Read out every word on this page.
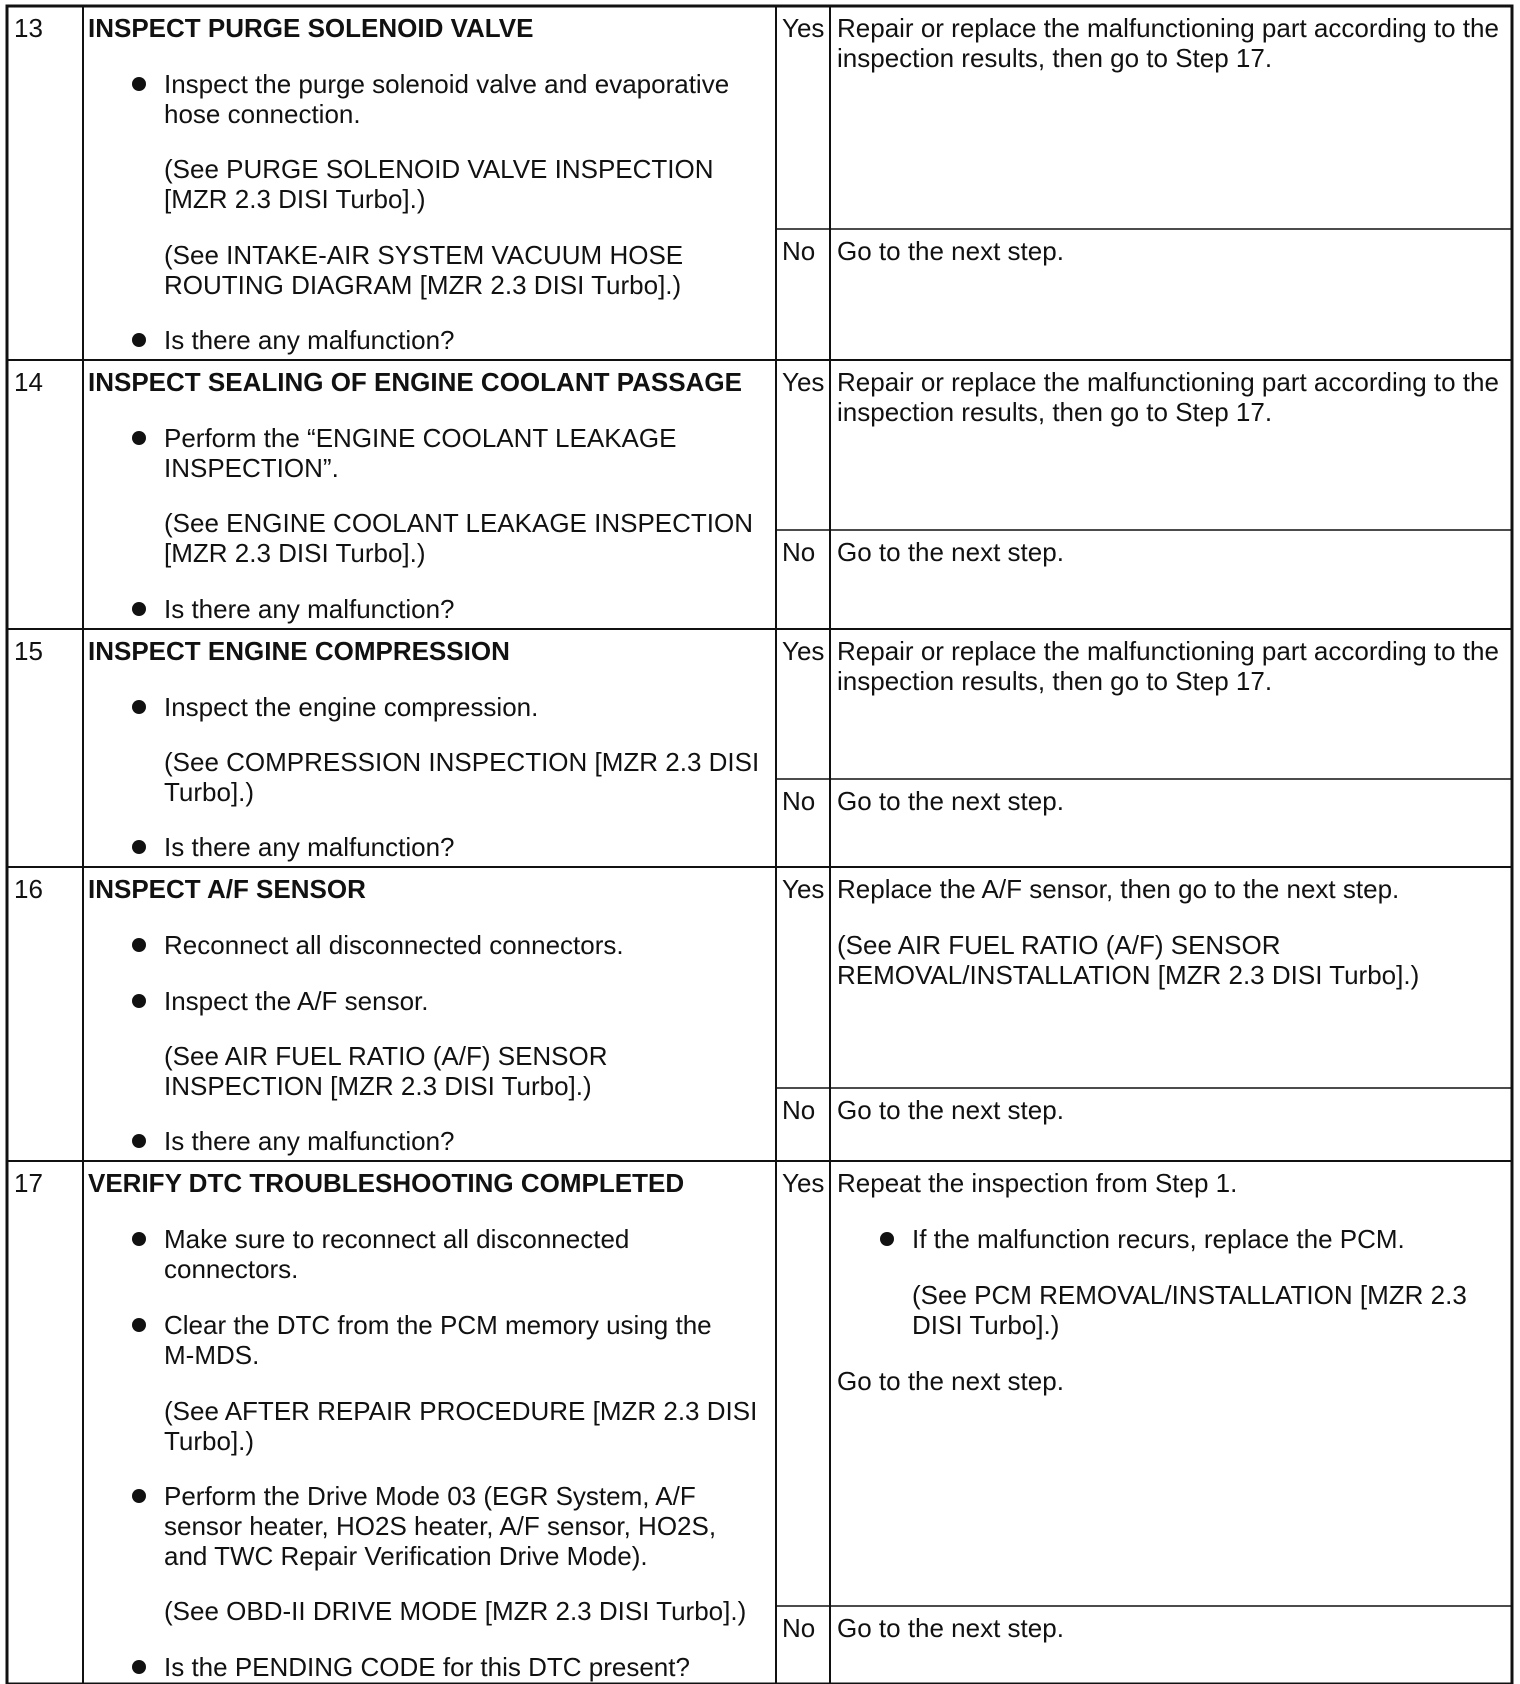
13 INSPECT PURGE SOLENOID VALVE
Inspect the purge solenoid valve and evaporative
hose connection.
(See PURGE SOLENOID VALVE INSPECTION
[MZR 2.3 DISI Turbo].)
(See INTAKE-AIR SYSTEM VACUUM HOSE
ROUTING DIAGRAM [MZR 2.3 DISI Turbo].)
Is there any malfunction?
Yes Repair or replace the malfunctioning part according to the
inspection results, then go to Step 17.
No Go to the next step.
14 INSPECT SEALING OF ENGINE COOLANT PASSAGE
Perform the “ENGINE COOLANT LEAKAGE
INSPECTION”.
(See ENGINE COOLANT LEAKAGE INSPECTION
[MZR 2.3 DISI Turbo].)
Is there any malfunction?
Yes Repair or replace the malfunctioning part according to the
inspection results, then go to Step 17.
No Go to the next step.
15 INSPECT ENGINE COMPRESSION
Inspect the engine compression.
(See COMPRESSION INSPECTION [MZR 2.3 DISI
Turbo].)
Is there any malfunction?
Yes Repair or replace the malfunctioning part according to the
inspection results, then go to Step 17.
No Go to the next step.
16 INSPECT A/F SENSOR
Reconnect all disconnected connectors.
Inspect the A/F sensor.
(See AIR FUEL RATIO (A/F) SENSOR
INSPECTION [MZR 2.3 DISI Turbo].)
Is there any malfunction?
Yes Replace the A/F sensor, then go to the next step.
(See AIR FUEL RATIO (A/F) SENSOR
REMOVAL/INSTALLATION [MZR 2.3 DISI Turbo].)
No Go to the next step.
17 VERIFY DTC TROUBLESHOOTING COMPLETED
Make sure to reconnect all disconnected
connectors.
Clear the DTC from the PCM memory using the
M-MDS.
(See AFTER REPAIR PROCEDURE [MZR 2.3 DISI
Turbo].)
Perform the Drive Mode 03 (EGR System, A/F
sensor heater, HO2S heater, A/F sensor, HO2S,
and TWC Repair Verification Drive Mode).
(See OBD-II DRIVE MODE [MZR 2.3 DISI Turbo].)
Is the PENDING CODE for this DTC present?
Yes Repeat the inspection from Step 1.
If the malfunction recurs, replace the PCM.
(See PCM REMOVAL/INSTALLATION [MZR 2.3
DISI Turbo].)
Go to the next step.
No Go to the next step.
